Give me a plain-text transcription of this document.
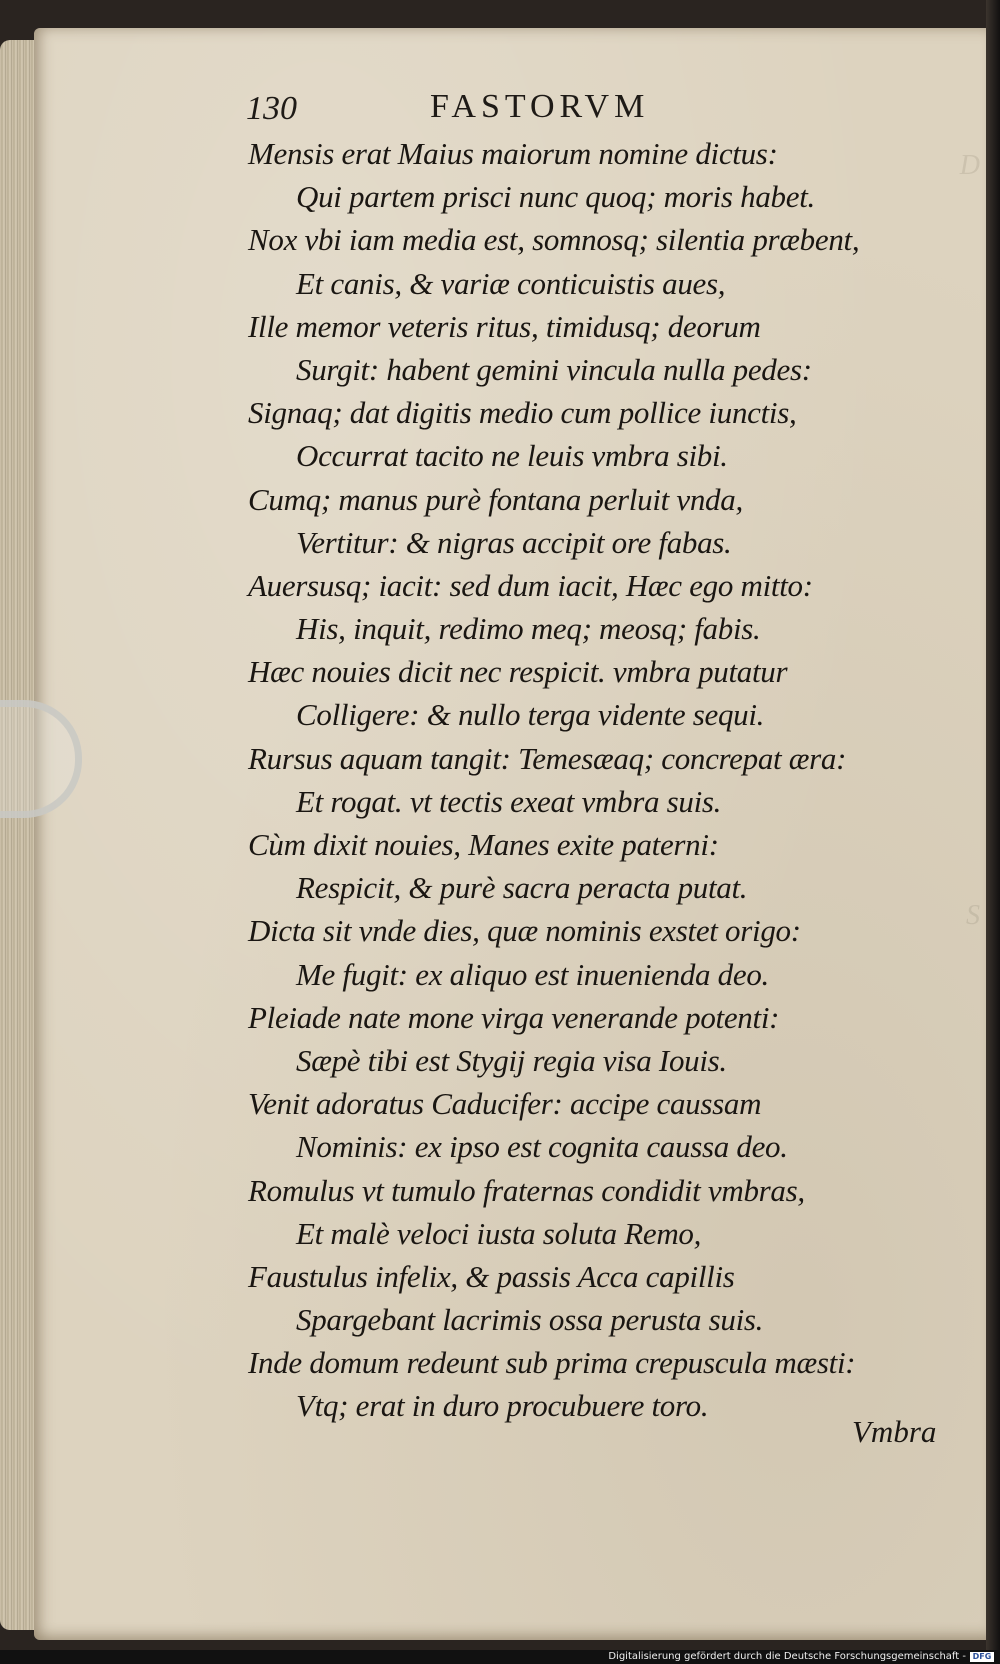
D
S
130	FASTORVM
Mensis erat Maius maiorum nomine dictus:
Qui partem prisci nunc quoq; moris habet.
Nox vbi iam media est, somnosq; silentia præbent,
Et canis, & variæ conticuistis aues,
Ille memor veteris ritus, timidusq; deorum
Surgit: habent gemini vincula nulla pedes:
Signaq; dat digitis medio cum pollice iunctis,
Occurrat tacito ne leuis vmbra sibi.
Cumq; manus purè fontana perluit vnda,
Vertitur: & nigras accipit ore fabas.
Auersusq; iacit: sed dum iacit, Hæc ego mitto:
His, inquit, redimo meq; meosq; fabis.
Hæc nouies dicit nec respicit. vmbra putatur
Colligere: & nullo terga vidente sequi.
Rursus aquam tangit: Temesæaq; concrepat æra:
Et rogat. vt tectis exeat vmbra suis.
Cùm dixit nouies, Manes exite paterni:
Respicit, & purè sacra peracta putat.
Dicta sit vnde dies, quæ nominis exstet origo:
Me fugit: ex aliquo est inuenienda deo.
Pleiade nate mone virga venerande potenti:
Sæpè tibi est Stygij regia visa Iouis.
Venit adoratus Caducifer: accipe caussam
Nominis: ex ipso est cognita caussa deo.
Romulus vt tumulo fraternas condidit vmbras,
Et malè veloci iusta soluta Remo,
Faustulus infelix, & passis Acca capillis
Spargebant lacrimis ossa perusta suis.
Inde domum redeunt sub prima crepuscula mæsti:
Vtq; erat in duro procubuere toro.
Vmbra
Digitalisierung gefördert durch die Deutsche Forschungsgemeinschaft - DFG
